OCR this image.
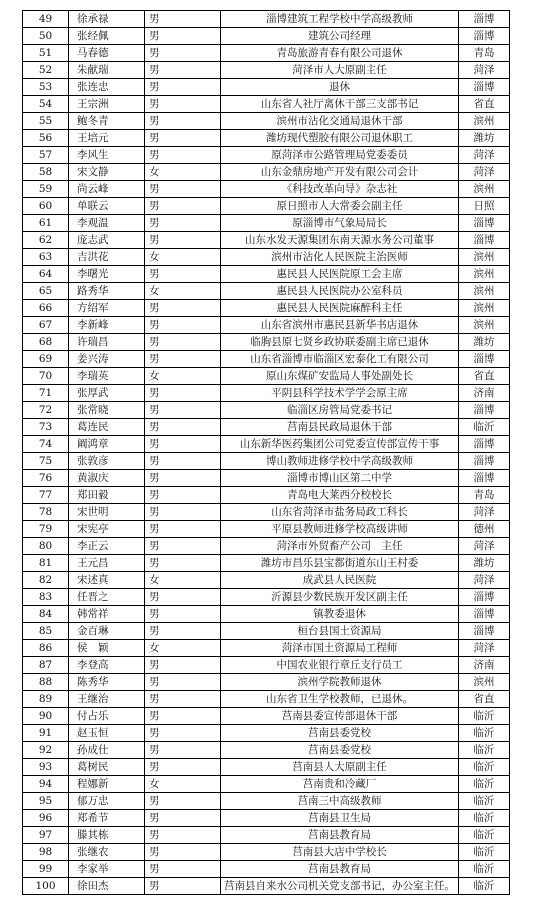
49	徐承禄	男	淄博建筑工程学校中学高级教师	淄博
50	张经佩	男	建筑公司经理	淄博
51	马春德	男	青岛旅游青春有限公司退休	青岛
52	朱献瑞	男	菏泽市人大原副主任	菏泽
53	张连忠	男	退休	淄博
54	王宗洲	男	山东省人社厅离休干部三支部书记	省直
55	鲍冬青	男	滨州市沾化交通局退休干部	滨州
56	王培元	男	潍坊现代塑胶有限公司退休职工	潍坊
57	李风生	男	原菏泽市公路管理局党委委员	菏泽
58	宋文静	女	山东金鼎房地产开发有限公司会计	菏泽
59	尚云峰	男	《科技改革向导》杂志社	滨州
60	单联云	男	原日照市人大常委会副主任	日照
61	李观温	男	原淄博市气象局局长	淄博
62	庞志武	男	山东水发天源集团东南天源水务公司董事	淄博
63	吉洪花	女	滨州市沾化人民医院主治医师	滨州
64	李曙光	男	惠民县人民医院原工会主席	滨州
65	路秀华	女	惠民县人民医院办公室科员	滨州
66	方绍军	男	惠民县人民医院麻醉科主任	滨州
67	李新峰	男	山东省滨州市惠民县新华书店退休	滨州
68	许瑞昌	男	临朐县原七贤乡政协联委副主席已退休	潍坊
69	姜兴涛	男	山东省淄博市临淄区宏泰化工有限公司	淄博
70	李瑞英	女	原山东煤矿安监局人事处副处长	省直
71	张厚武	男	平阴县科学技术学学会原主席	济南
72	张常晓	男	临淄区房管局党委书记	淄博
73	葛连民	男	莒南县民政局退休干部	临沂
74	阚鸿章	男	山东新华医药集团公司党委宣传部宣传干事	淄博
75	张敦彦	男	博山教师进修学校中学高级教师	淄博
76	黄淑庆	男	淄博市博山区第二中学	淄博
77	郑田毅	男	青岛电大莱西分校校长	青岛
78	宋世明	男	山东省菏泽市盐务局政工科长	菏泽
79	宋宪亭	男	平原县教师进修学校高级讲师	德州
80	李正云	男	菏泽市外贸畜产公司　主任	菏泽
81	王元昌	男	潍坊市昌乐县宝都街道东山王村委	潍坊
82	宋述真	女	成武县人民医院	菏泽
83	任晋之	男	沂源县少数民族开发区副主任	淄博
84	韩常祥	男	镇教委退休	淄博
85	金百琳	男	桓台县国土资源局	淄博
86	侯　颖	女	菏泽市国土资源局工程师	菏泽
87	李登高	男	中国农业银行章丘支行员工	济南
88	陈秀华	男	滨州学院教师退休	滨州
89	王继治	男	山东省卫生学校教师，已退休。	省直
90	付占乐	男	莒南县委宣传部退休干部	临沂
91	赵玉恒	男	莒南县委党校	临沂
92	孙成仕	男	莒南县委党校	临沂
93	葛树民	男	莒南县人大原副主任	临沂
94	程娜新	女	莒南贵和冷藏厂	临沂
95	郁万忠	男	莒南三中高级教师	临沂
96	郑希节	男	莒南县卫生局	临沂
97	滕其栋	男	莒南县教育局	临沂
98	张继农	男	莒南县大店中学校长	临沂
99	李家举	男	莒南县教育局	临沂
100	徐田杰	男	莒南县自来水公司机关党支部书记，办公室主任。	临沂
